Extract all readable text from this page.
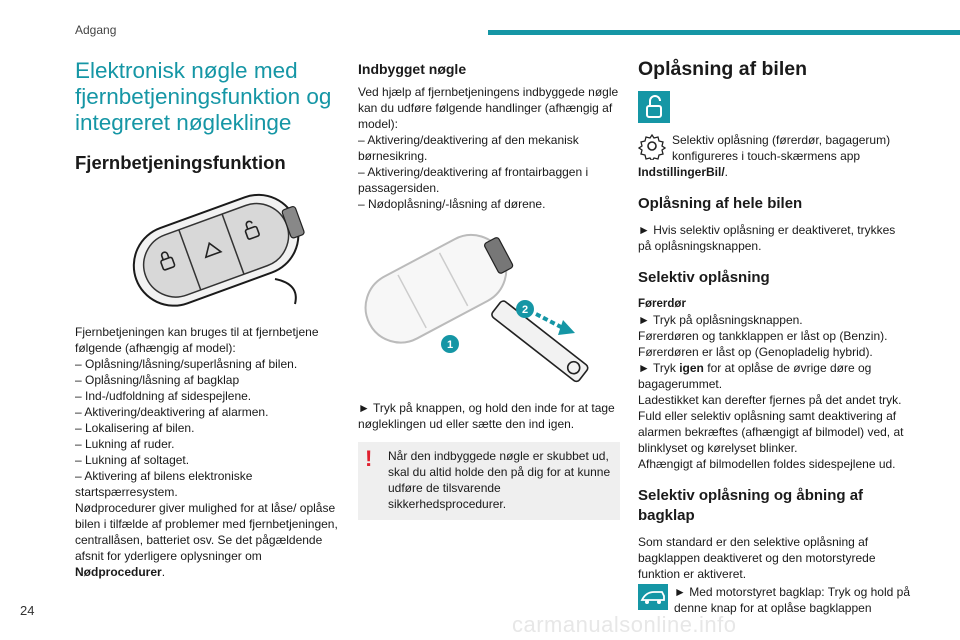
Adgang
Elektronisk nøgle med fjernbetjeningsfunktion og integreret nøgleklinge
Fjernbetjeningsfunktion
Fjernbetjeningen kan bruges til at fjernbetjene følgende (afhængig af model):
– Oplåsning/låsning/superlåsning af bilen.
– Oplåsning/låsning af bagklap
– Ind-/udfoldning af sidespejlene.
– Aktivering/deaktivering af alarmen.
– Lokalisering af bilen.
– Lukning af ruder.
– Lukning af soltaget.
– Aktivering af bilens elektroniske startspærresystem.
Nødprocedurer giver mulighed for at låse/ oplåse bilen i tilfælde af problemer med fjernbetjeningen, centrallåsen, batteriet osv. Se det pågældende afsnit for yderligere oplysninger om Nødprocedurer.
Indbygget nøgle
Ved hjælp af fjernbetjeningens indbyggede nøgle kan du udføre følgende handlinger (afhængig af model):
– Aktivering/deaktivering af den mekanisk børnesikring.
– Aktivering/deaktivering af frontairbaggen i passagersiden.
– Nødoplåsning/-låsning af dørene.
2
1
► Tryk på knappen, og hold den inde for at tage nøgleklingen ud eller sætte den ind igen.
!	Når den indbyggede nøgle er skubbet ud, skal du altid holde den på dig for at kunne udføre de tilsvarende sikkerhedsprocedurer.
Oplåsning af bilen
Selektiv oplåsning (førerdør, bagagerum) konfigureres i touch-skærmens app
IndstillingerBil/.
Oplåsning af hele bilen
► Hvis selektiv oplåsning er deaktiveret, trykkes på oplåsningsknappen.
Selektiv oplåsning
Førerdør
► Tryk på oplåsningsknappen.
Førerdøren og tankklappen er låst op (Benzin).
Førerdøren er låst op (Genopladelig hybrid).
► Tryk igen for at oplåse de øvrige døre og bagagerummet.
Ladestikket kan derefter fjernes på det andet tryk.
Fuld eller selektiv oplåsning samt deaktivering af alarmen bekræftes (afhængigt af bilmodel) ved, at blinklyset og kørelyset blinker.
Afhængigt af bilmodellen foldes sidespejlene ud.
Selektiv oplåsning og åbning af bagklap
Som standard er den selektive oplåsning af bagklappen deaktiveret og den motorstyrede funktion er aktiveret.
► Med motorstyret bagklap: Tryk og hold på denne knap for at oplåse bagklappen
24
carmanualsonline.info
